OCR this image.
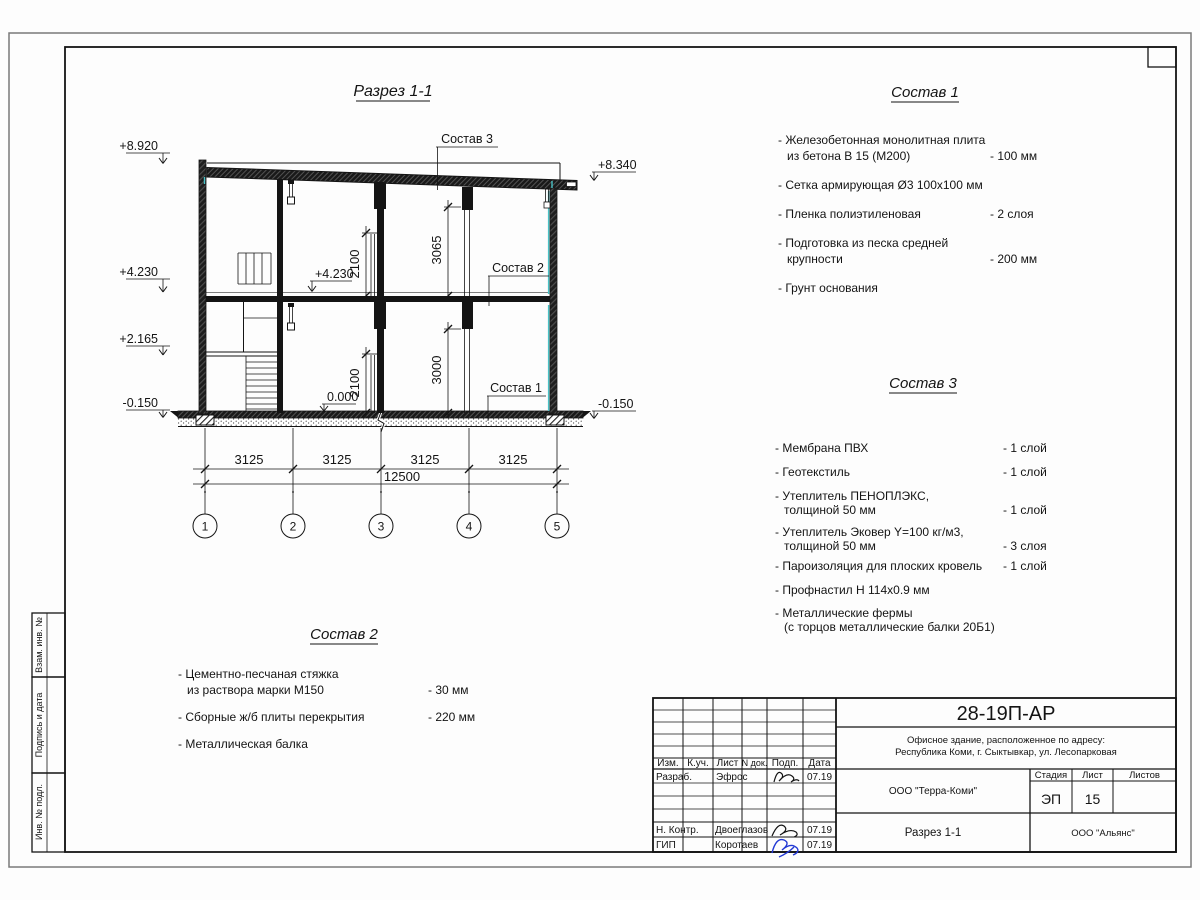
Взам. инв. №
Подпись и дата
Инв. № подл.
Разрез 1-1
2100	3065
2100	3000
+8.920
+4.230
+2.165
-0.150
+8.340
-0.150
0.000
+4.230
Состав 3
Состав 2
Состав 1
3125	3125	3125	3125
12500
1	2	3	4	5
Состав 1
- Железобетонная монолитная плита
из бетона В 15 (М200)	- 100 мм
- Сетка армирующая Ø3 100x100 мм
- Пленка полиэтиленовая	- 2 слоя
- Подготовка из песка средней
крупности	- 200 мм
- Грунт основания
Состав 3
- Мембрана ПВХ	- 1 слой
- Геотекстиль	- 1 слой
- Утеплитель ПЕНОПЛЭКС,
толщиной 50 мм	- 1 слой
- Утеплитель Эковер Y=100 кг/м3,
толщиной 50 мм	- 3 слоя
- Пароизоляция для плоских кровель - 1 слой
- Профнастил Н 114x0.9 мм
- Металлические фермы
(с торцов металлические балки 20Б1)
Состав 2
- Цементно-песчаная стяжка
из раствора марки М150	- 30 мм
- Сборные ж/б плиты перекрытия	- 220 мм
- Металлическая балка
Изм. К.уч. Лист N док. Подп. Дата
Разраб. Эфрос	07.19
Н. Контр. Двоеглазов	07.19
ГИП	Коротаев	07.19
28-19П-АР
Офисное здание, расположенное по адресу:
Республика Коми, г. Сыктывкар, ул. Лесопарковая
ООО "Терра-Коми"
Стадия Лист	Листов
ЭП 15
Разрез 1-1	ООО "Альянс"
